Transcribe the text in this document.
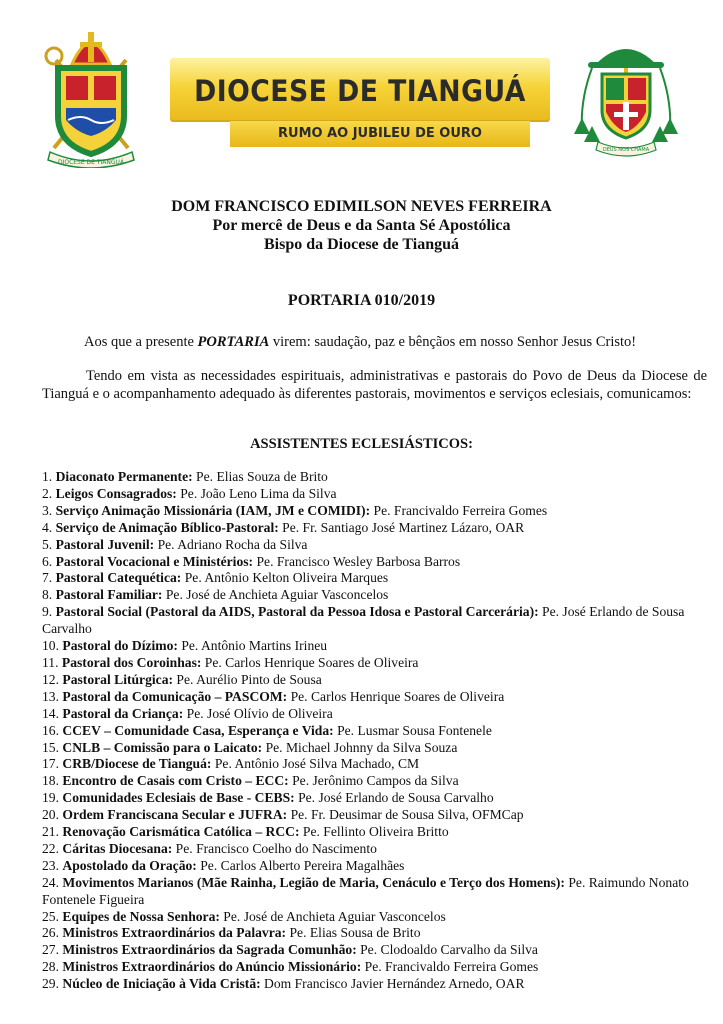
DIOCESE DE TIANGUÁ
DIOCESE DE TIANGUÁ
RUMO AO JUBILEU DE OURO
DEUS NOS CHAMA
DOM FRANCISCO EDIMILSON NEVES FERREIRA
Por mercê de Deus e da Santa Sé Apostólica
Bispo da Diocese de Tianguá
PORTARIA 010/2019
Aos que a presente PORTARIA virem: saudação, paz e bênçãos em nosso Senhor Jesus Cristo!
Tendo em vista as necessidades espirituais, administrativas e pastorais do Povo de Deus da Diocese de Tianguá e o acompanhamento adequado às diferentes pastorais, movimentos e serviços eclesiais, comunicamos:
ASSISTENTES ECLESIÁSTICOS:
1. Diaconato Permanente: Pe. Elias Souza de Brito
2. Leigos Consagrados: Pe. João Leno Lima da Silva
3. Serviço Animação Missionária (IAM, JM e COMIDI): Pe. Francivaldo Ferreira Gomes
4. Serviço de Animação Bíblico-Pastoral: Pe. Fr. Santiago José Martinez Lázaro, OAR
5. Pastoral Juvenil: Pe. Adriano Rocha da Silva
6. Pastoral Vocacional e Ministérios: Pe. Francisco Wesley Barbosa Barros
7. Pastoral Catequética: Pe. Antônio Kelton Oliveira Marques
8. Pastoral Familiar: Pe. José de Anchieta Aguiar Vasconcelos
9. Pastoral Social (Pastoral da AIDS, Pastoral da Pessoa Idosa e Pastoral Carcerária): Pe. José Erlando de Sousa Carvalho
10. Pastoral do Dízimo: Pe. Antônio Martins Irineu
11. Pastoral dos Coroinhas: Pe. Carlos Henrique Soares de Oliveira
12. Pastoral Litúrgica: Pe. Aurélio Pinto de Sousa
13. Pastoral da Comunicação – PASCOM: Pe. Carlos Henrique Soares de Oliveira
14. Pastoral da Criança: Pe. José Olívio de Oliveira
16. CCEV – Comunidade Casa, Esperança e Vida: Pe. Lusmar Sousa Fontenele
15. CNLB – Comissão para o Laicato: Pe. Michael Johnny da Silva Souza
17. CRB/Diocese de Tianguá: Pe. Antônio José Silva Machado, CM
18. Encontro de Casais com Cristo – ECC: Pe. Jerônimo Campos da Silva
19. Comunidades Eclesiais de Base - CEBS: Pe. José Erlando de Sousa Carvalho
20. Ordem Franciscana Secular e JUFRA: Pe. Fr. Deusimar de Sousa Silva, OFMCap
21. Renovação Carismática Católica – RCC: Pe. Fellinto Oliveira Britto
22. Cáritas Diocesana: Pe. Francisco Coelho do Nascimento
23. Apostolado da Oração: Pe. Carlos Alberto Pereira Magalhães
24. Movimentos Marianos (Mãe Rainha, Legião de Maria, Cenáculo e Terço dos Homens): Pe. Raimundo Nonato Fontenele Figueira
25. Equipes de Nossa Senhora: Pe. José de Anchieta Aguiar Vasconcelos
26. Ministros Extraordinários da Palavra: Pe. Elias Sousa de Brito
27. Ministros Extraordinários da Sagrada Comunhão: Pe. Clodoaldo Carvalho da Silva
28. Ministros Extraordinários do Anúncio Missionário: Pe. Francivaldo Ferreira Gomes
29. Núcleo de Iniciação à Vida Cristã: Dom Francisco Javier Hernández Arnedo, OAR
